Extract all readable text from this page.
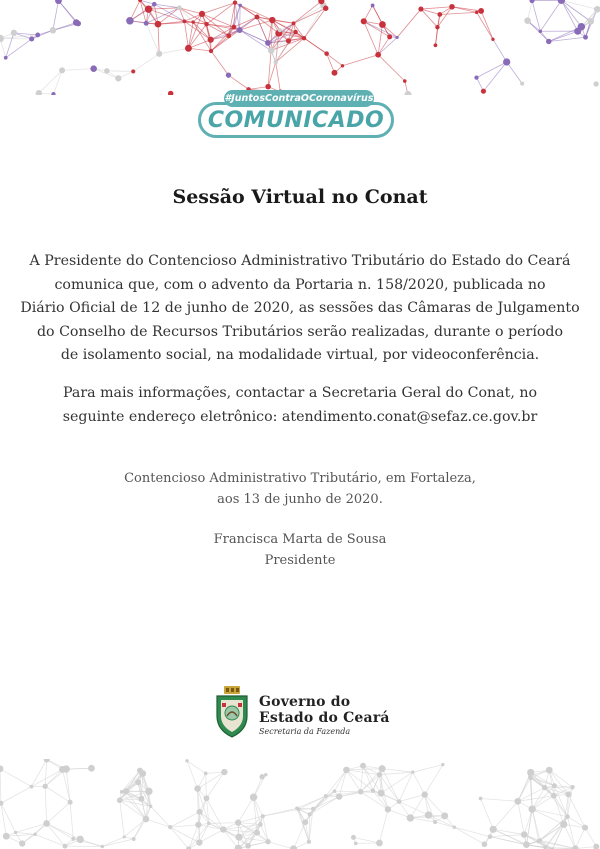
COMUNICADO
#JuntosContraOCoronavírus
Sessão Virtual no Conat
A Presidente do Contencioso Administrativo Tributário do Estado do Ceará
comunica que, com o advento da Portaria n. 158/2020, publicada no
Diário Oficial de 12 de junho de 2020, as sessões das Câmaras de Julgamento
do Conselho de Recursos Tributários serão realizadas, durante o período
de isolamento social, na modalidade virtual, por videoconferência.
Para mais informações, contactar a Secretaria Geral do Conat, no
seguinte endereço eletrônico: atendimento.conat@sefaz.ce.gov.br
Contencioso Administrativo Tributário, em Fortaleza,
aos 13 de junho de 2020.
Francisca Marta de Sousa
Presidente
Governo do
Estado do Ceará
Secretaria da Fazenda
